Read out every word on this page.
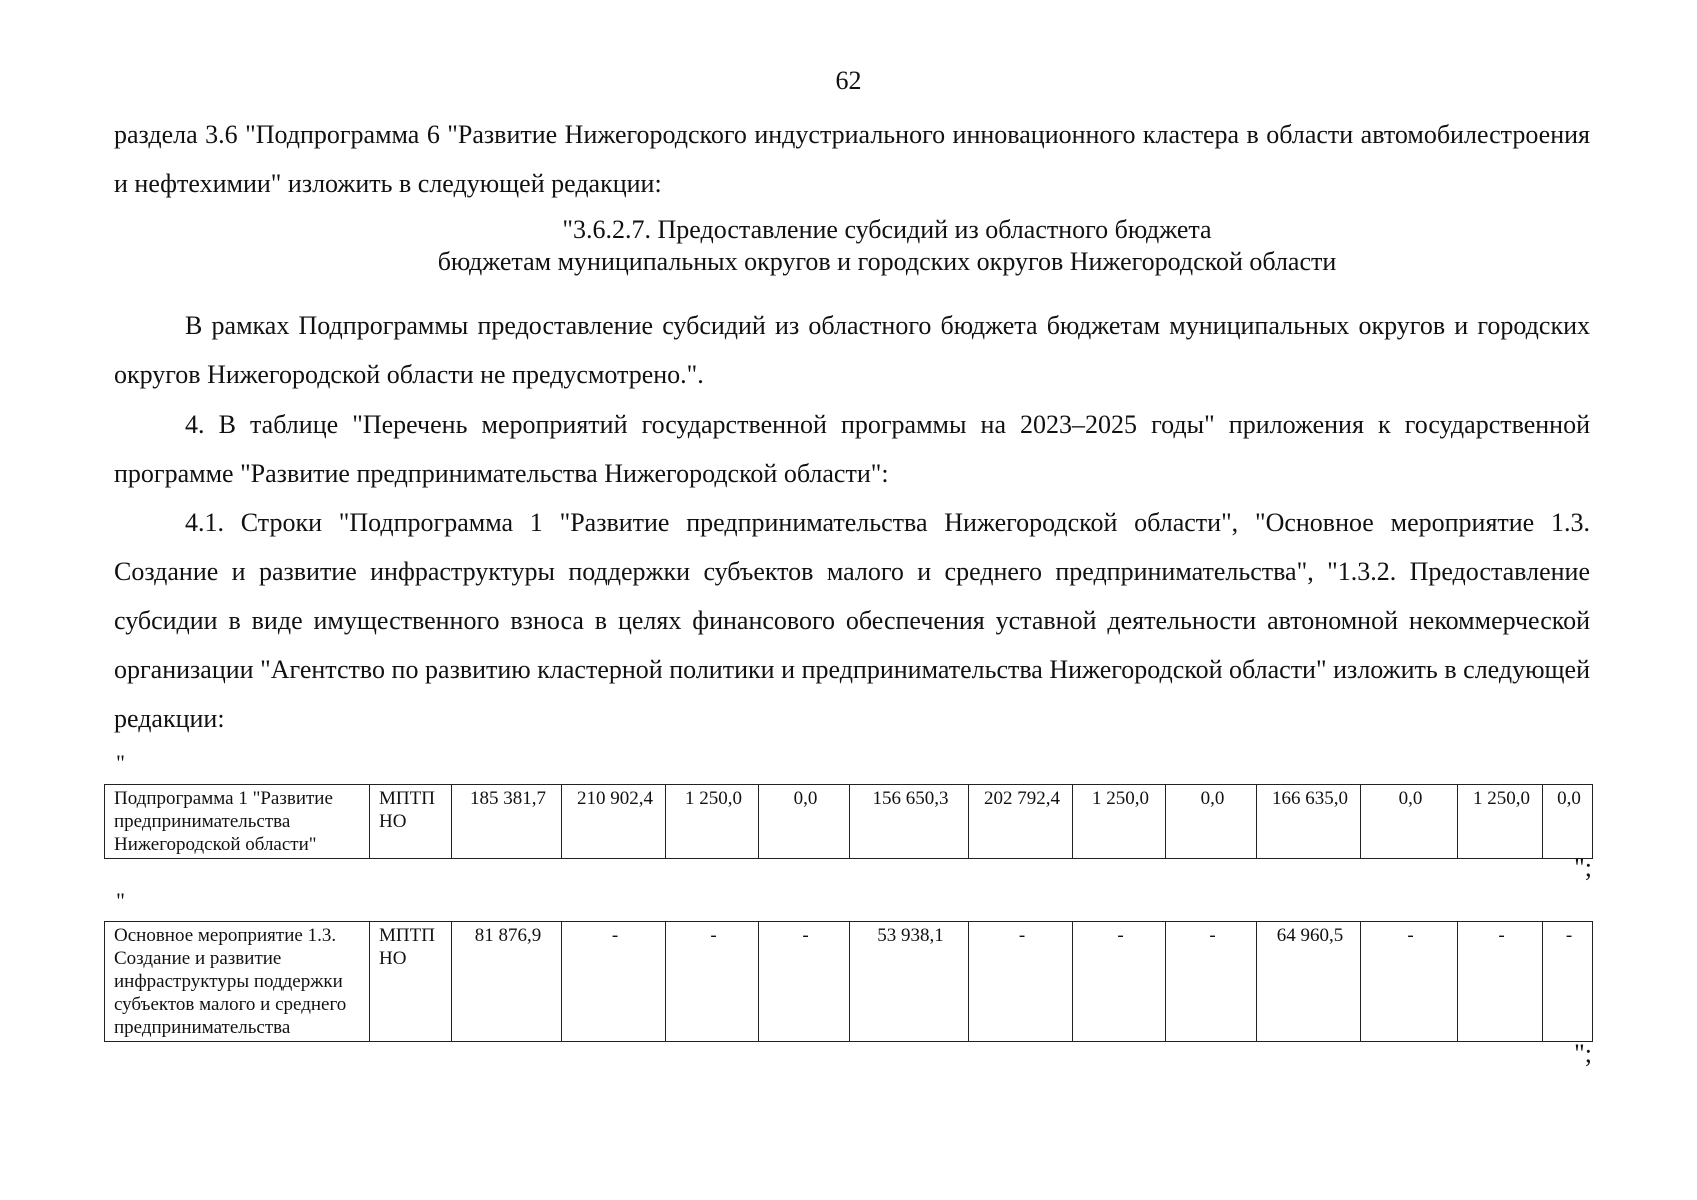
62

раздела 3.6 "Подпрограмма 6 "Развитие Нижегородского индустриального инновационного кластера в области автомобилестроения и нефтехимии" изложить в следующей редакции:

"3.6.2.7. Предоставление субсидий из областного бюджета
бюджетам муниципальных округов и городских округов Нижегородской области

В рамках Подпрограммы предоставление субсидий из областного бюджета бюджетам муниципальных округов и городских округов Нижегородской области не предусмотрено.".

4. В таблице "Перечень мероприятий государственной программы на 2023–2025 годы" приложения к государственной программе "Развитие предпринимательства Нижегородской области":

4.1. Строки "Подпрограмма 1 "Развитие предпринимательства Нижегородской области", "Основное мероприятие 1.3. Создание и развитие инфраструктуры поддержки субъектов малого и среднего предпринимательства", "1.3.2. Предоставление субсидии в виде имущественного взноса в целях финансового обеспечения уставной деятельности автономной некоммерческой организации "Агентство по развитию кластерной политики и предпринимательства Нижегородской области" изложить в следующей редакции:

"
Подпрограмма 1 "Развитие предпринимательства Нижегородской области"	МПТП НО	185 381,7	210 902,4	1 250,0	0,0	156 650,3	202 792,4	1 250,0	0,0	166 635,0	0,0	1 250,0	0,0
";
"
Основное мероприятие 1.3. Создание и развитие инфраструктуры поддержки субъектов малого и среднего предпринимательства	МПТП НО	81 876,9	-	-	-	53 938,1	-	-	-	64 960,5	-	-	-
";
